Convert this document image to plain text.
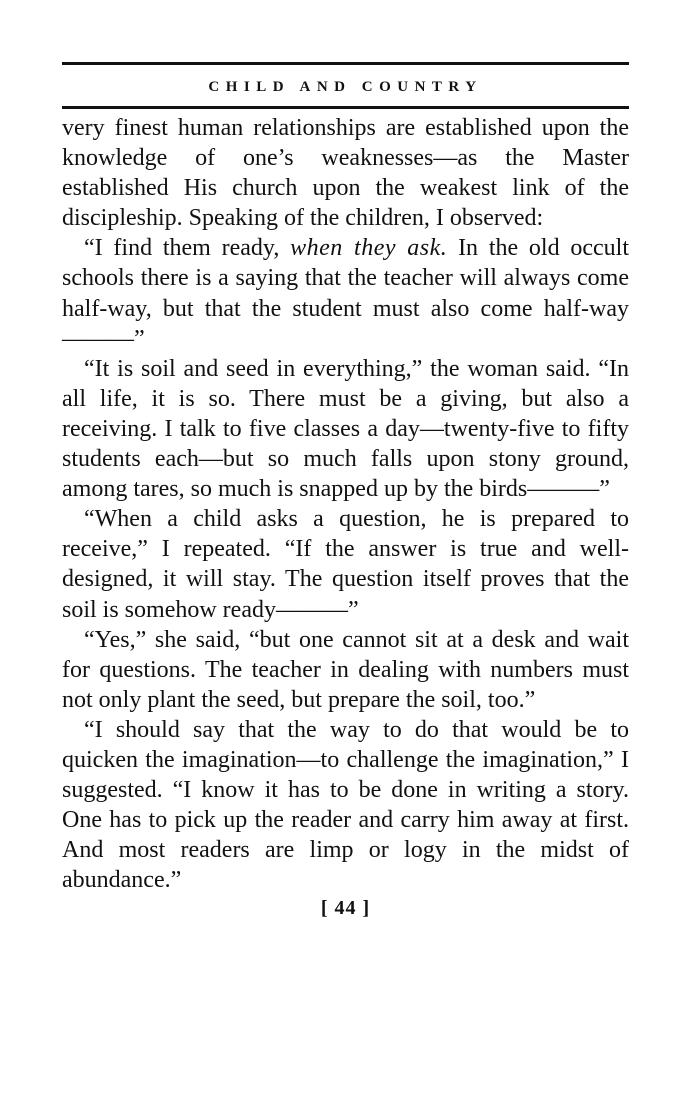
CHILD AND COUNTRY

very finest human relationships are established upon the knowledge of one’s weaknesses—as the Master established His church upon the weakest link of the discipleship. Speaking of the children, I observed:

“I find them ready, when they ask. In the old occult schools there is a saying that the teacher will always come half-way, but that the student must also come half-way———”

“It is soil and seed in everything,” the woman said. “In all life, it is so. There must be a giving, but also a receiving. I talk to five classes a day—twenty-five to fifty students each—but so much falls upon stony ground, among tares, so much is snapped up by the birds———”

“When a child asks a question, he is prepared to receive,” I repeated. “If the answer is true and well-designed, it will stay. The question itself proves that the soil is somehow ready———”

“Yes,” she said, “but one cannot sit at a desk and wait for questions. The teacher in dealing with numbers must not only plant the seed, but prepare the soil, too.”

“I should say that the way to do that would be to quicken the imagination—to challenge the imagination,” I suggested. “I know it has to be done in writing a story. One has to pick up the reader and carry him away at first. And most readers are limp or logy in the midst of abundance.”

[ 44 ]
